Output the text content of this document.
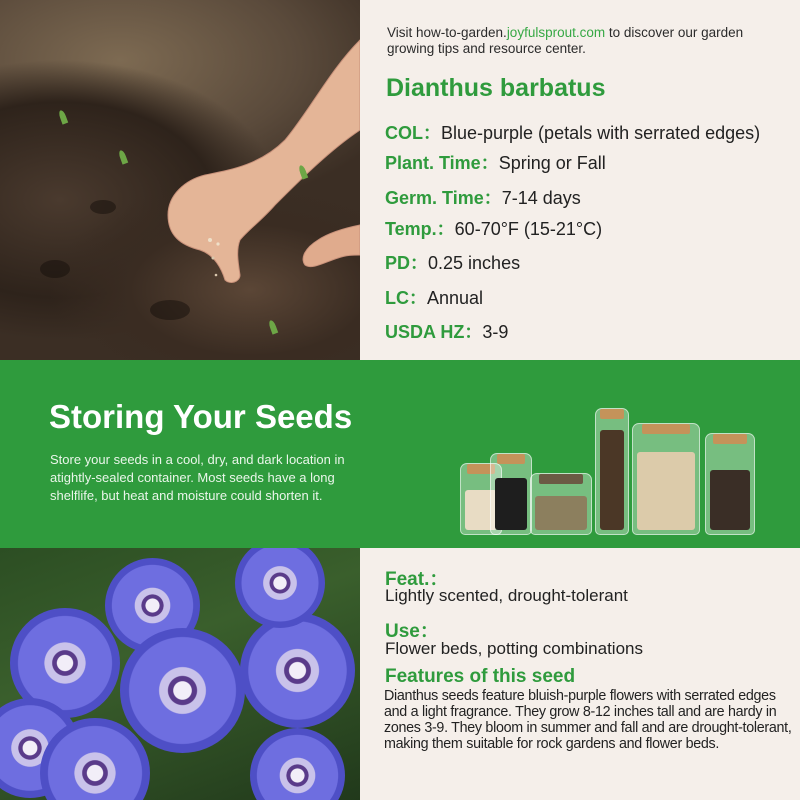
Visit how-to-garden.joyfulsprout.com to discover our garden growing tips and resource center.
Dianthus barbatus
COL：Blue-purple (petals with serrated edges)
Plant. Time：Spring or Fall
Germ. Time：7-14 days
Temp.：60-70°F (15-21°C)
PD：0.25 inches
LC：Annual
USDA HZ：3-9
Storing Your Seeds
Store your seeds in a cool, dry, and dark location in atightly-sealed container. Most seeds have a long shelflife, but heat and moisture could shorten it.
Feat.：
Lightly scented, drought-tolerant
Use：
Flower beds, potting combinations
Features of this seed
Dianthus seeds feature bluish-purple flowers with serrated edges and a light fragrance. They grow 8-12 inches tall and are hardy in zones 3-9. They bloom in summer and fall and are drought-tolerant, making them suitable for rock gardens and flower beds.
